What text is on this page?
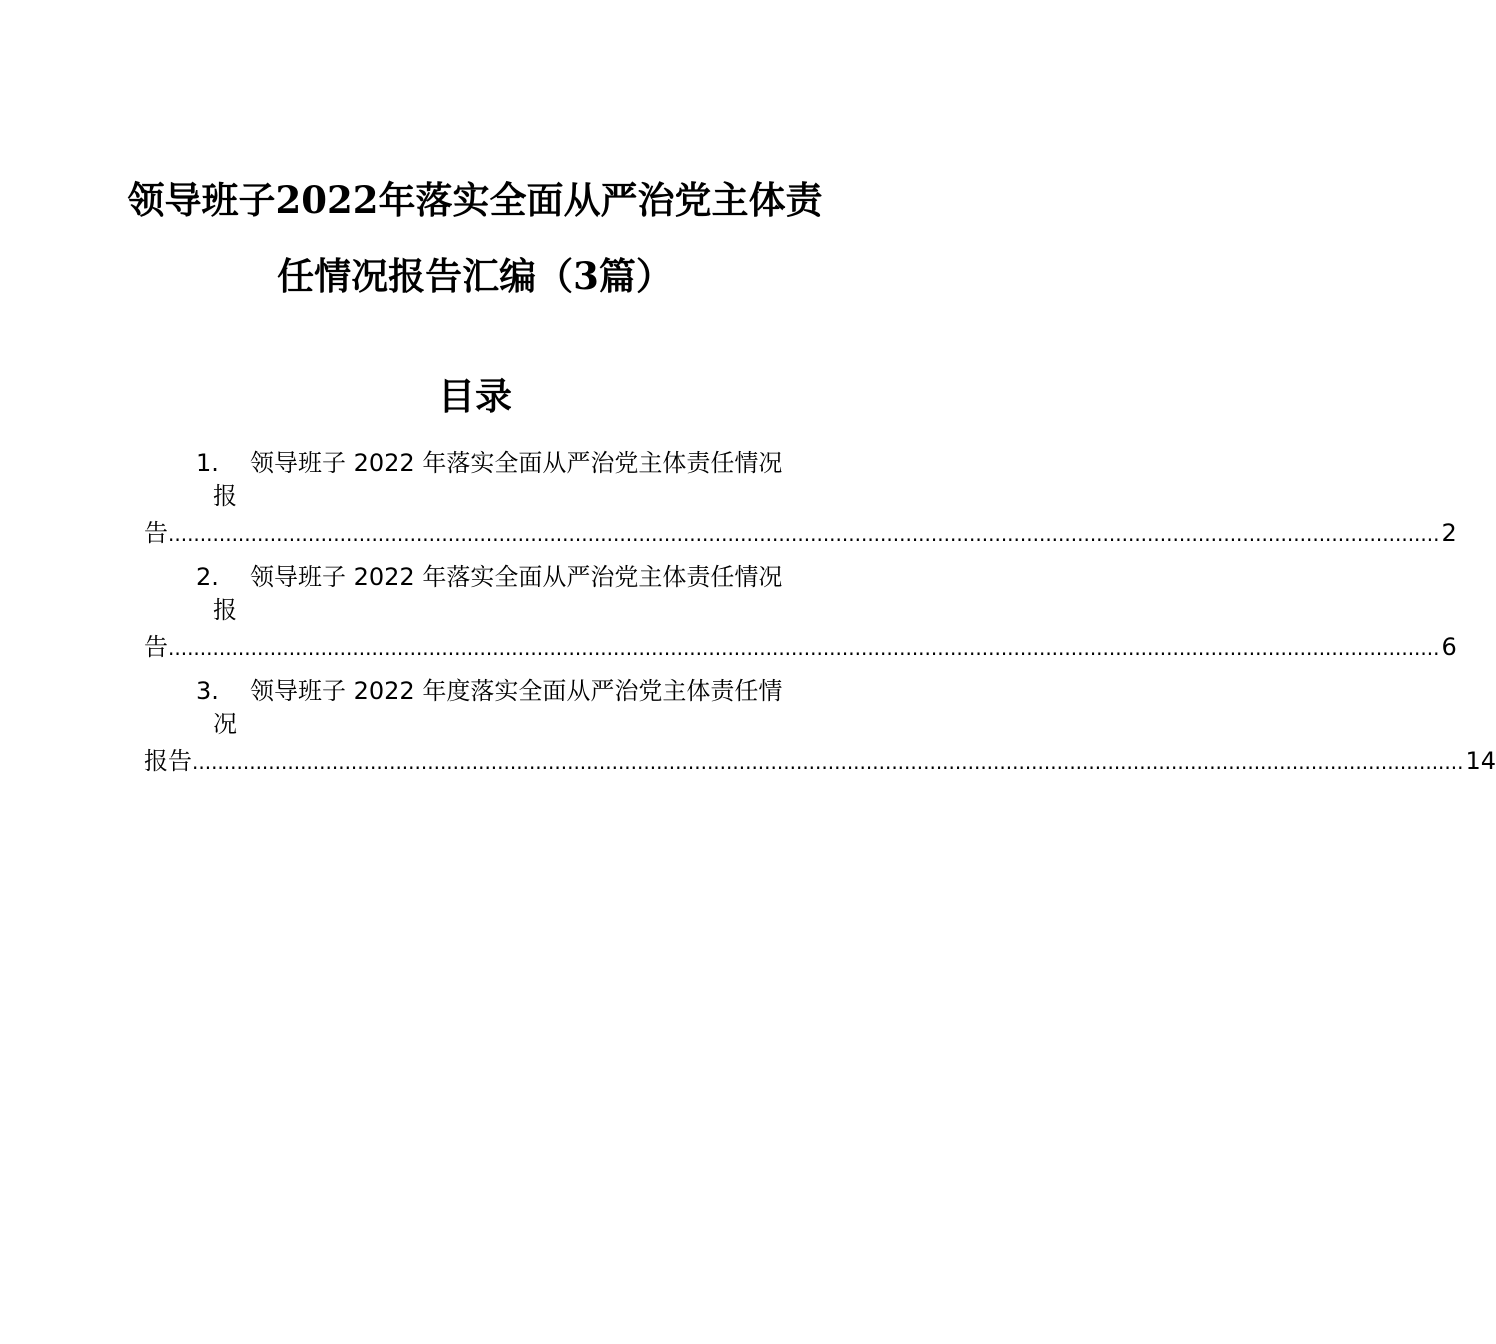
领导班子2022年落实全面从严治党主体责
任情况报告汇编（3篇）
目录
1. 领导班子 2022 年落实全面从严治党主体责任情况
报
告 ........................................................................................................................................................................................................ 2
2. 领导班子 2022 年落实全面从严治党主体责任情况
报
告 ........................................................................................................................................................................................................ 6
3. 领导班子 2022 年度落实全面从严治党主体责任情
况
报告 ........................................................................................................................................................................................................ 14
